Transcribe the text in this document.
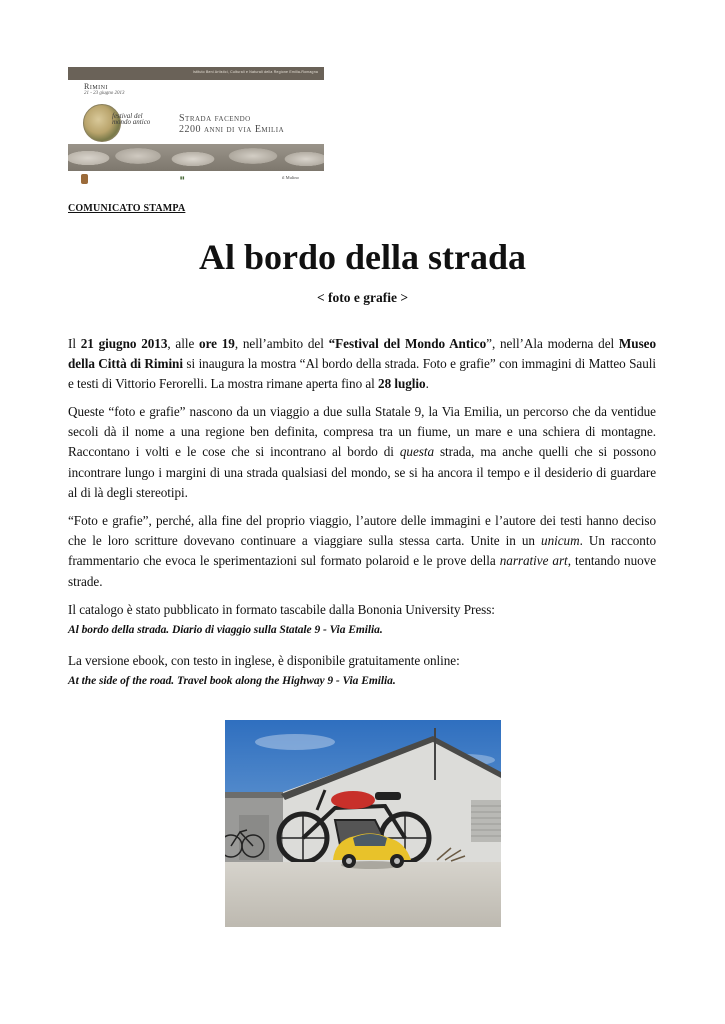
Istituto Beni Artistici, Culturali e Naturali della Regione Emilia-Romagna
Rimini
21 - 23 giugno 2013
festival del mondo antico	Strada facendo
2200 anni di via Emilia
▮▮	il Mulino
COMUNICATO STAMPA
Al bordo della strada
< foto e grafie >

Il 21 giugno 2013, alle ore 19, nell’ambito del “Festival del Mondo Antico”, nell’Ala moderna del Museo della Città di Rimini si inaugura la mostra “Al bordo della strada. Foto e grafie” con immagini di Matteo Sauli e testi di Vittorio Ferorelli. La mostra rimane aperta fino al 28 luglio.

Queste “foto e grafie” nascono da un viaggio a due sulla Statale 9, la Via Emilia, un percorso che da ventidue secoli dà il nome a una regione ben definita, compresa tra un fiume, un mare e una schiera di montagne. Raccontano i volti e le cose che si incontrano al bordo di questa strada, ma anche quelli che si possono incontrare lungo i margini di una strada qualsiasi del mondo, se si ha ancora il tempo e il desiderio di guardare al di là degli stereotipi.

“Foto e grafie”, perché, alla fine del proprio viaggio, l’autore delle immagini e l’autore dei testi hanno deciso che le loro scritture dovevano continuare a viaggiare sulla stessa carta. Unite in un unicum. Un racconto frammentario che evoca le sperimentazioni sul formato polaroid e le prove della narrative art, tentando nuove strade.

Il catalogo è stato pubblicato in formato tascabile dalla Bononia University Press:
Al bordo della strada. Diario di viaggio sulla Statale 9 - Via Emilia.

La versione ebook, con testo in inglese, è disponibile gratuitamente online:
At the side of the road. Travel book along the Highway 9 - Via Emilia.
